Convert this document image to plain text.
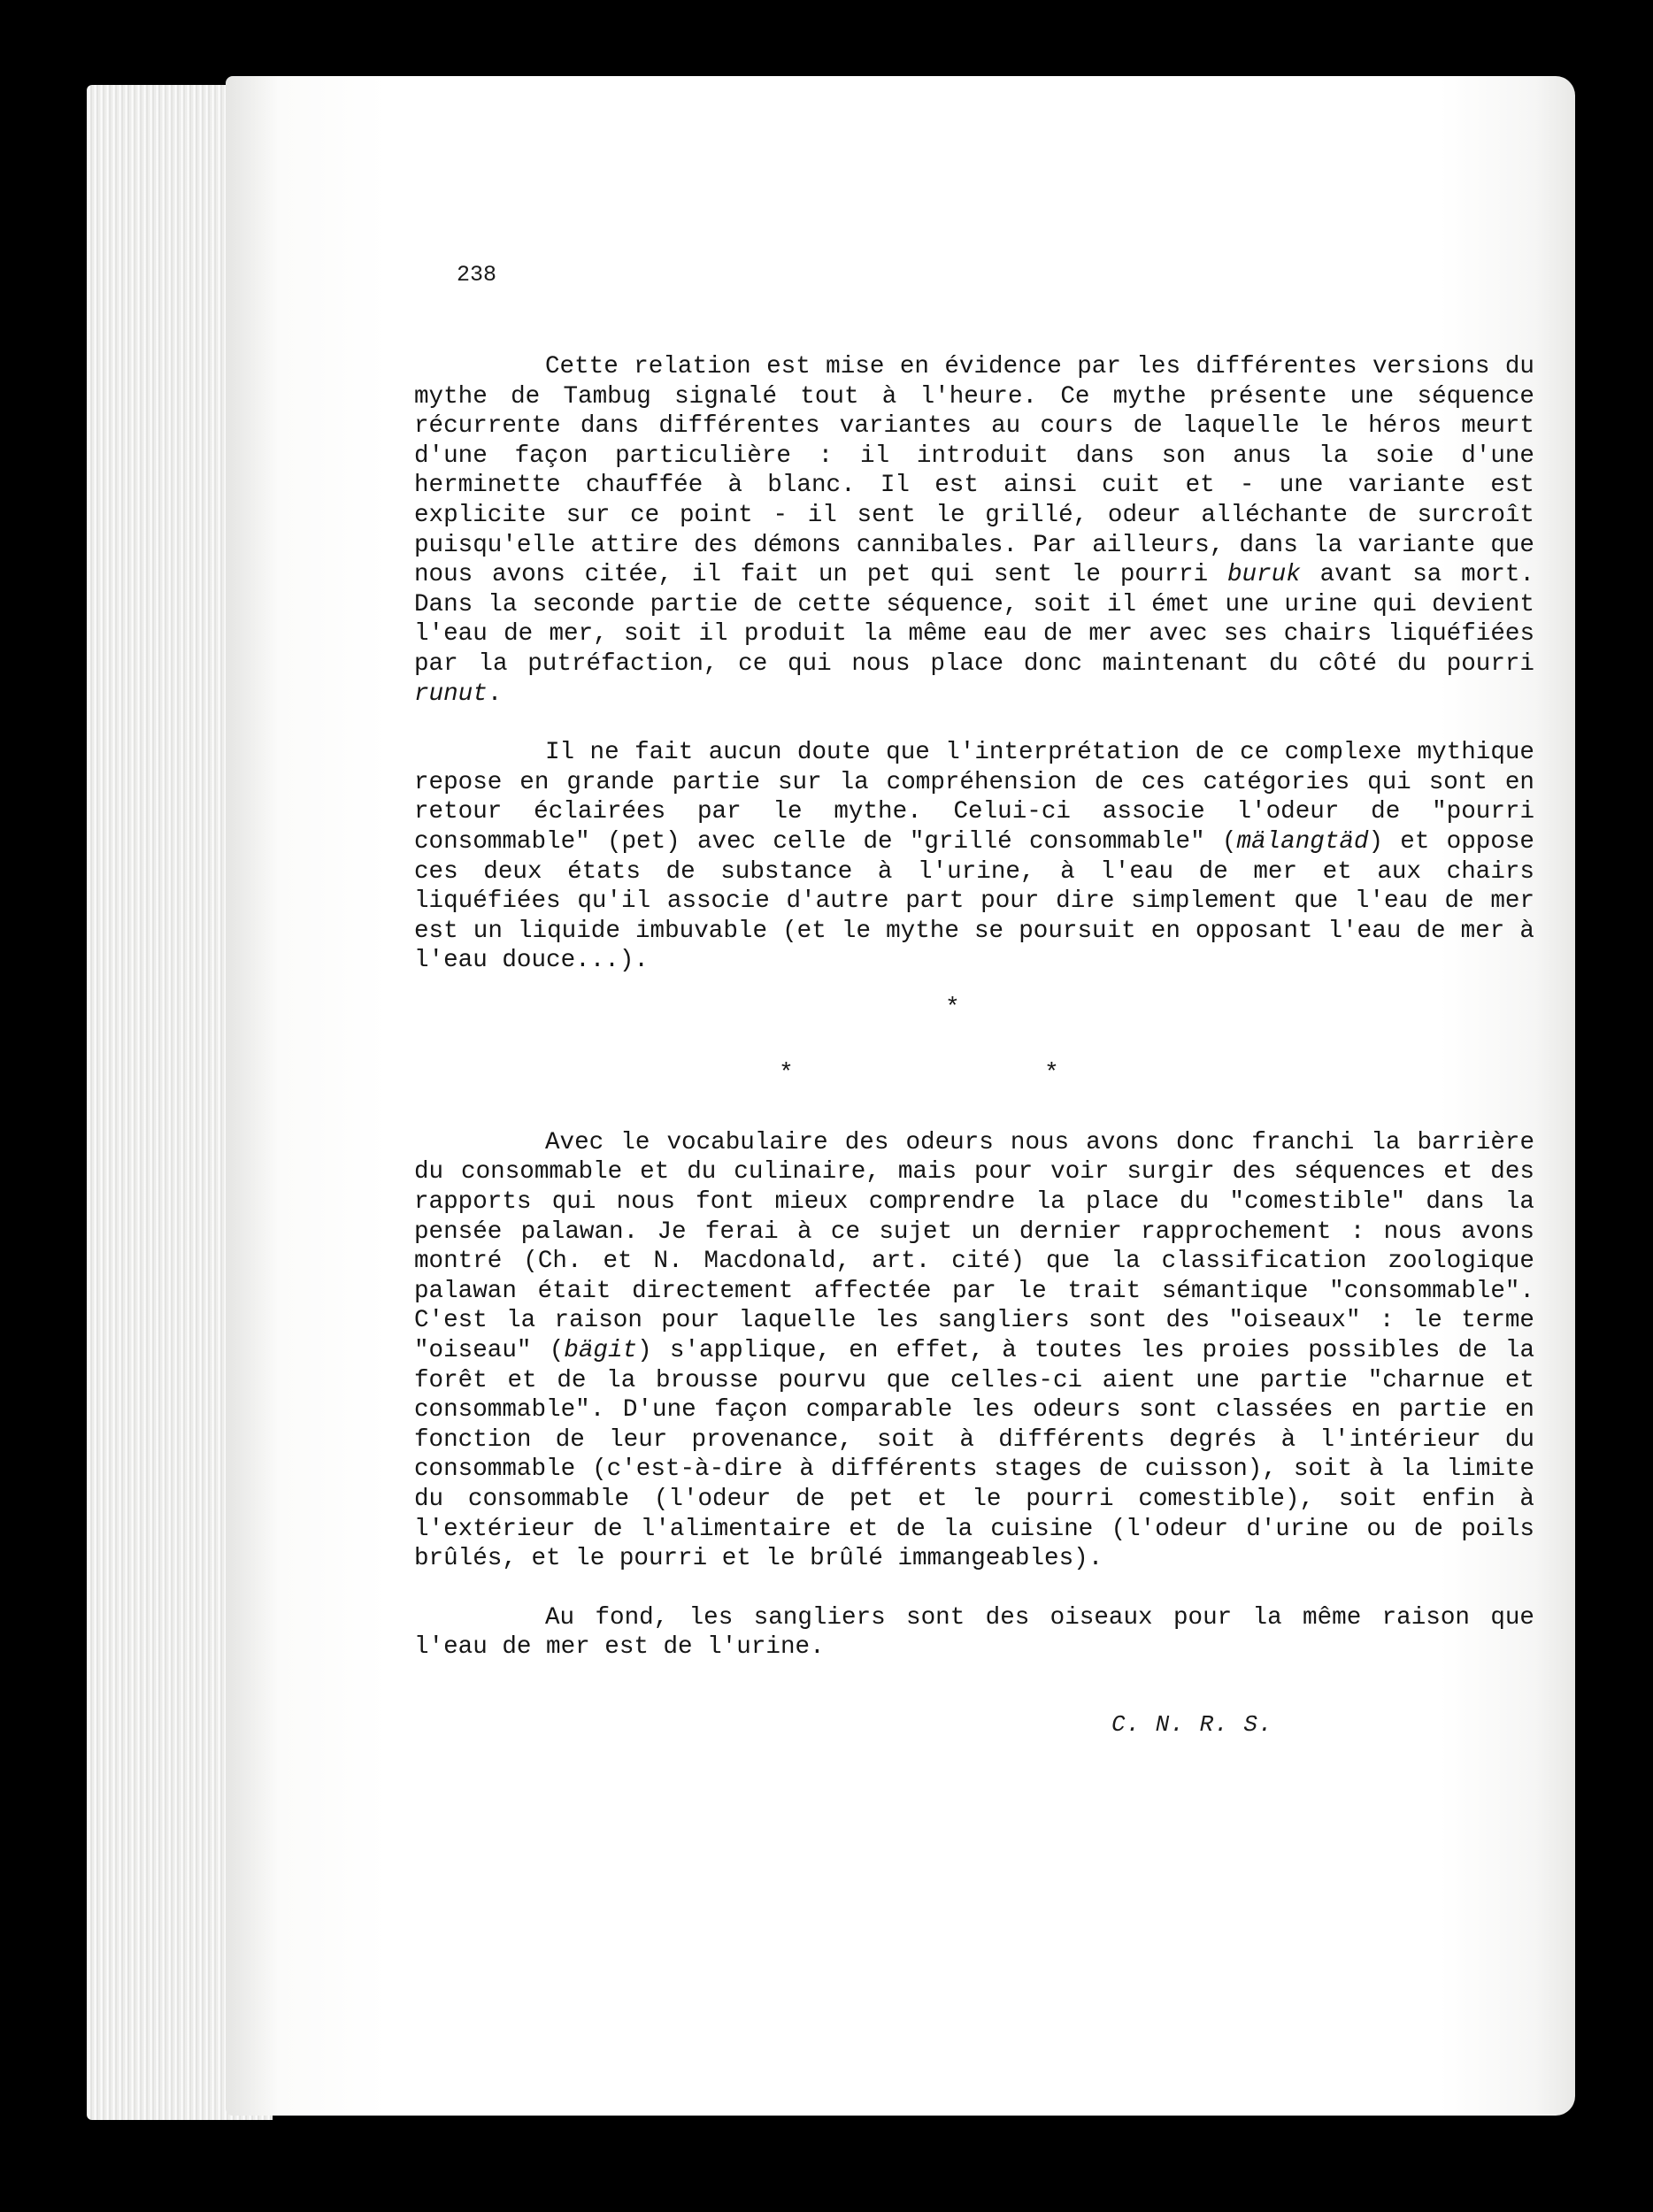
238

Cette relation est mise en évidence par les différentes versions du mythe de Tambug signalé tout à l'heure. Ce mythe présente une séquence récurrente dans différentes variantes au cours de laquelle le héros meurt d'une façon particulière : il introduit dans son anus la soie d'une herminette chauffée à blanc. Il est ainsi cuit et - une variante est explicite sur ce point - il sent le grillé, odeur alléchante de surcroît puisqu'elle attire des démons cannibales. Par ailleurs, dans la variante que nous avons citée, il fait un pet qui sent le pourri buruk avant sa mort. Dans la seconde partie de cette séquence, soit il émet une urine qui devient l'eau de mer, soit il produit la même eau de mer avec ses chairs liquéfiées par la putréfaction, ce qui nous place donc maintenant du côté du pourri runut.

Il ne fait aucun doute que l'interprétation de ce complexe mythique repose en grande partie sur la compréhension de ces catégories qui sont en retour éclairées par le mythe. Celui-ci associe l'odeur de "pourri consommable" (pet) avec celle de "grillé consommable" (mälangtäd) et oppose ces deux états de substance à l'urine, à l'eau de mer et aux chairs liquéfiées qu'il associe d'autre part pour dire simplement que l'eau de mer est un liquide imbuvable (et le mythe se poursuit en opposant l'eau de mer à l'eau douce...).

*
*	*

Avec le vocabulaire des odeurs nous avons donc franchi la barrière du consommable et du culinaire, mais pour voir surgir des séquences et des rapports qui nous font mieux comprendre la place du "comestible" dans la pensée palawan. Je ferai à ce sujet un dernier rapprochement : nous avons montré (Ch. et N. Macdonald, art. cité) que la classification zoologique palawan était directement affectée par le trait sémantique "consommable". C'est la raison pour laquelle les sangliers sont des "oiseaux" : le terme "oiseau" (bägit) s'applique, en effet, à toutes les proies possibles de la forêt et de la brousse pourvu que celles-ci aient une partie "charnue et consommable". D'une façon comparable les odeurs sont classées en partie en fonction de leur provenance, soit à différents degrés à l'intérieur du consommable (c'est-à-dire à différents stages de cuisson), soit à la limite du consommable (l'odeur de pet et le pourri comestible), soit enfin à l'extérieur de l'alimentaire et de la cuisine (l'odeur d'urine ou de poils brûlés, et le pourri et le brûlé immangeables).

Au fond, les sangliers sont des oiseaux pour la même raison que l'eau de mer est de l'urine.

C. N. R. S.
